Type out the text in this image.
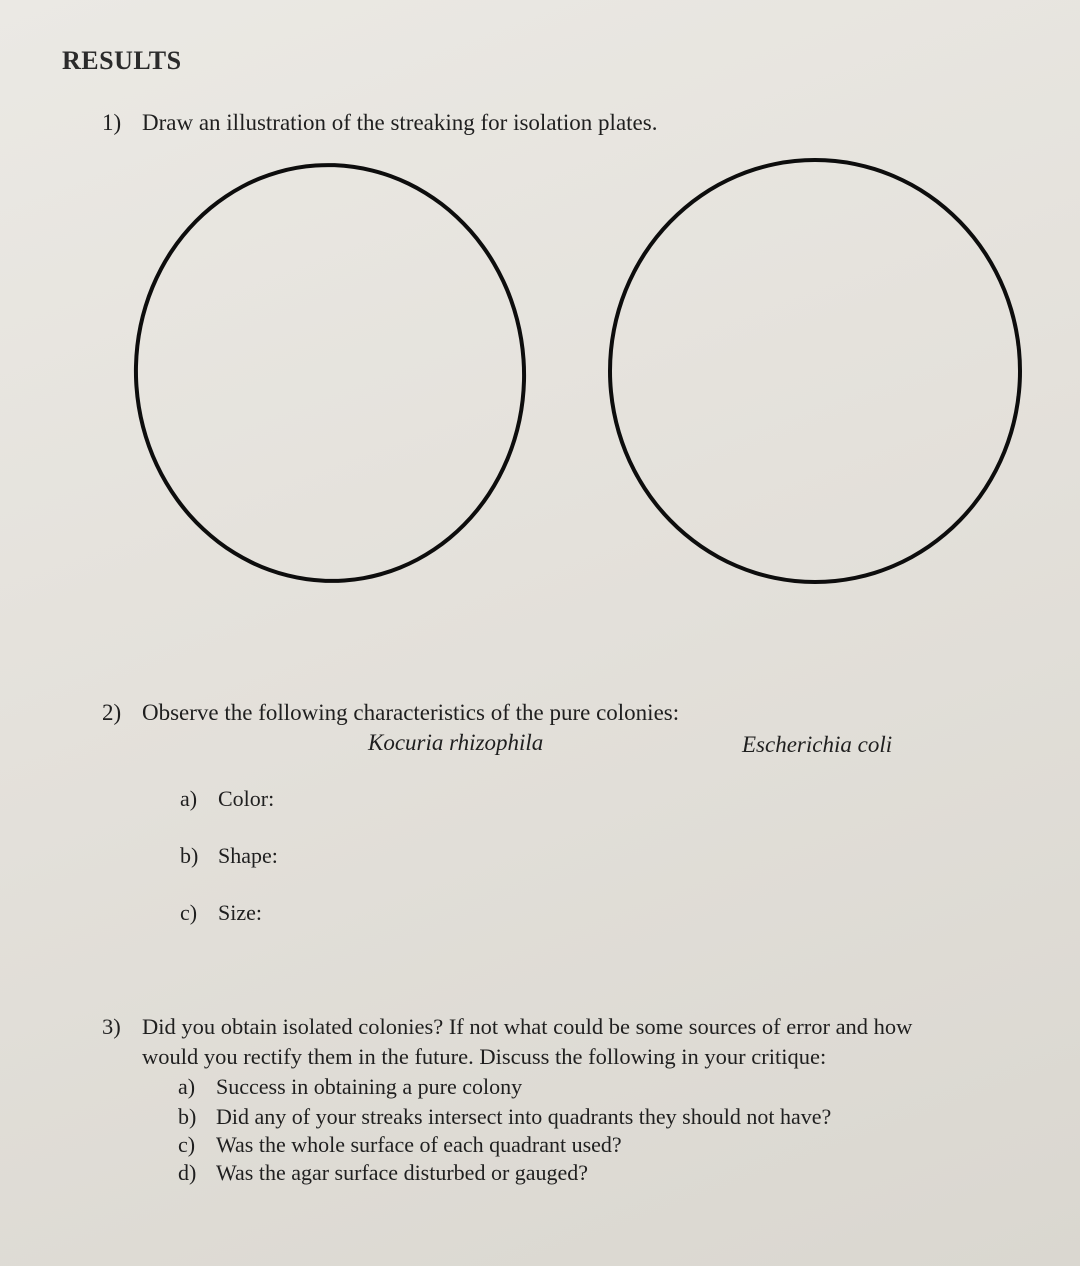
RESULTS
1) Draw an illustration of the streaking for isolation plates.
2) Observe the following characteristics of the pure colonies:
Kocuria rhizophila	Escherichia coli
a) Color:
b) Shape:
c) Size:
3) Did you obtain isolated colonies? If not what could be some sources of error and how
would you rectify them in the future. Discuss the following in your critique:
a) Success in obtaining a pure colony
b) Did any of your streaks intersect into quadrants they should not have?
c) Was the whole surface of each quadrant used?
d) Was the agar surface disturbed or gauged?
